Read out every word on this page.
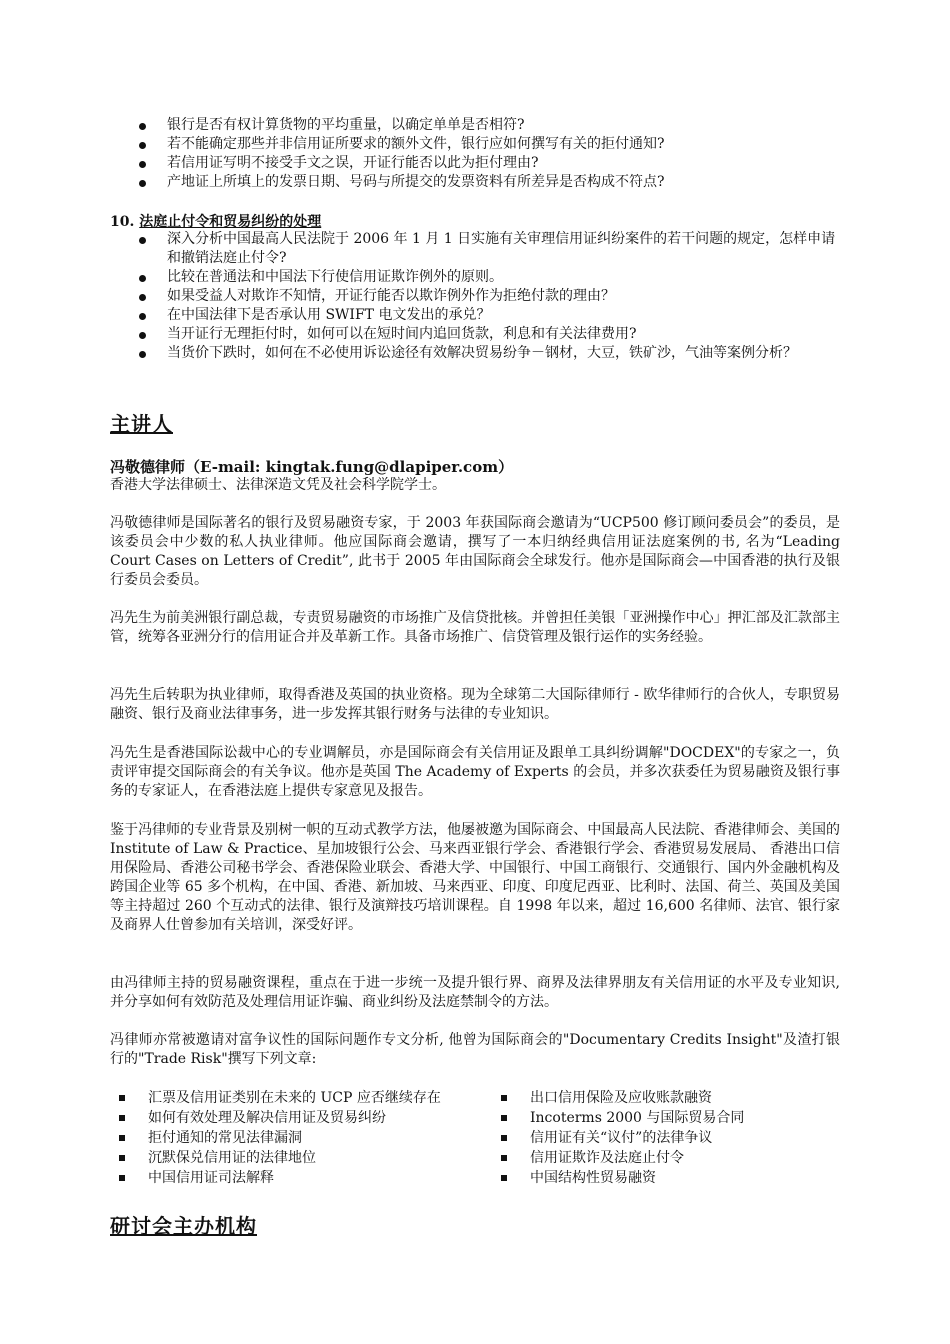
银行是否有权计算货物的平均重量，以确定单单是否相符?
若不能确定那些并非信用证所要求的额外文件，银行应如何撰写有关的拒付通知?
若信用证写明不接受手文之误，开证行能否以此为拒付理由?
产地证上所填上的发票日期、号码与所提交的发票资料有所差异是否构成不符点?
10. 法庭止付令和贸易纠纷的处理
深入分析中国最高人民法院于 2006 年 1 月 1 日实施有关审理信用证纠纷案件的若干问题的规定，怎样申请和撤销法庭止付令?
比较在普通法和中国法下行使信用证欺诈例外的原则。
如果受益人对欺诈不知情，开证行能否以欺诈例外作为拒绝付款的理由？
在中国法律下是否承认用 SWIFT 电文发出的承兑？
当开证行无理拒付时，如何可以在短时间内追回货款，利息和有关法律费用?
当货价下跌时，如何在不必使用诉讼途径有效解决贸易纷争－钢材，大豆，铁矿沙，气油等案例分析？
主讲人
冯敬德律师（E-mail: kingtak.fung@dlapiper.com）

香港大学法律硕士、法律深造文凭及社会科学院学士。

冯敬德律师是国际著名的银行及贸易融资专家，于 2003 年获国际商会邀请为“UCP500 修订顾问委员会”的委员，是该委员会中少数的私人执业律师。他应国际商会邀请，撰写了一本归纳经典信用证法庭案例的书, 名为“Leading Court Cases on Letters of Credit”, 此书于 2005 年由国际商会全球发行。他亦是国际商会—中国香港的执行及银行委员会委员。

冯先生为前美洲银行副总裁，专责贸易融资的市场推广及信贷批核。并曾担任美银「亚洲操作中心」押汇部及汇款部主管，统筹各亚洲分行的信用证合并及革新工作。具备市场推广、信贷管理及银行运作的实务经验。

冯先生后转职为执业律师，取得香港及英国的执业资格。现为全球第二大国际律师行 - 欧华律师行的合伙人，专职贸易融资、银行及商业法律事务，进一步发挥其银行财务与法律的专业知识。

冯先生是香港国际讼裁中心的专业调解员，亦是国际商会有关信用证及跟单工具纠纷调解"DOCDEX"的专家之一，负责评审提交国际商会的有关争议。他亦是英国 The Academy of Experts 的会员，并多次获委任为贸易融资及银行事务的专家证人，在香港法庭上提供专家意见及报告。

鉴于冯律师的专业背景及别树一帜的互动式教学方法，他屡被邀为国际商会、中国最高人民法院、香港律师会、美国的 Institute of Law & Practice、星加坡银行公会、马来西亚银行学会、香港银行学会、香港贸易发展局、 香港出口信用保险局、香港公司秘书学会、香港保险业联会、香港大学、中国银行、中国工商银行、交通银行、国内外金融机构及跨国企业等 65 多个机构，在中国、香港、新加坡、马来西亚、印度、印度尼西亚、比利时、法国、荷兰、英国及美国等主持超过 260 个互动式的法律、银行及演辩技巧培训课程。自 1998 年以来，超过 16,600 名律师、法官、银行家及商界人仕曾参加有关培训，深受好评。

由冯律师主持的贸易融资课程，重点在于进一步统一及提升银行界、商界及法律界朋友有关信用证的水平及专业知识,并分享如何有效防范及处理信用证诈骗、商业纠纷及法庭禁制令的方法。

冯律师亦常被邀请对富争议性的国际问题作专文分析, 他曾为国际商会的"Documentary Credits Insight"及渣打银行的"Trade Risk"撰写下列文章:

汇票及信用证类别在未来的 UCP 应否继续存在
如何有效处理及解决信用证及贸易纠纷
拒付通知的常见法律漏洞
沉默保兑信用证的法律地位
中国信用证司法解释
出口信用保险及应收账款融资
Incoterms 2000 与国际贸易合同
信用证有关“议付”的法律争议
信用证欺诈及法庭止付令
中国结构性贸易融资
研讨会主办机构
